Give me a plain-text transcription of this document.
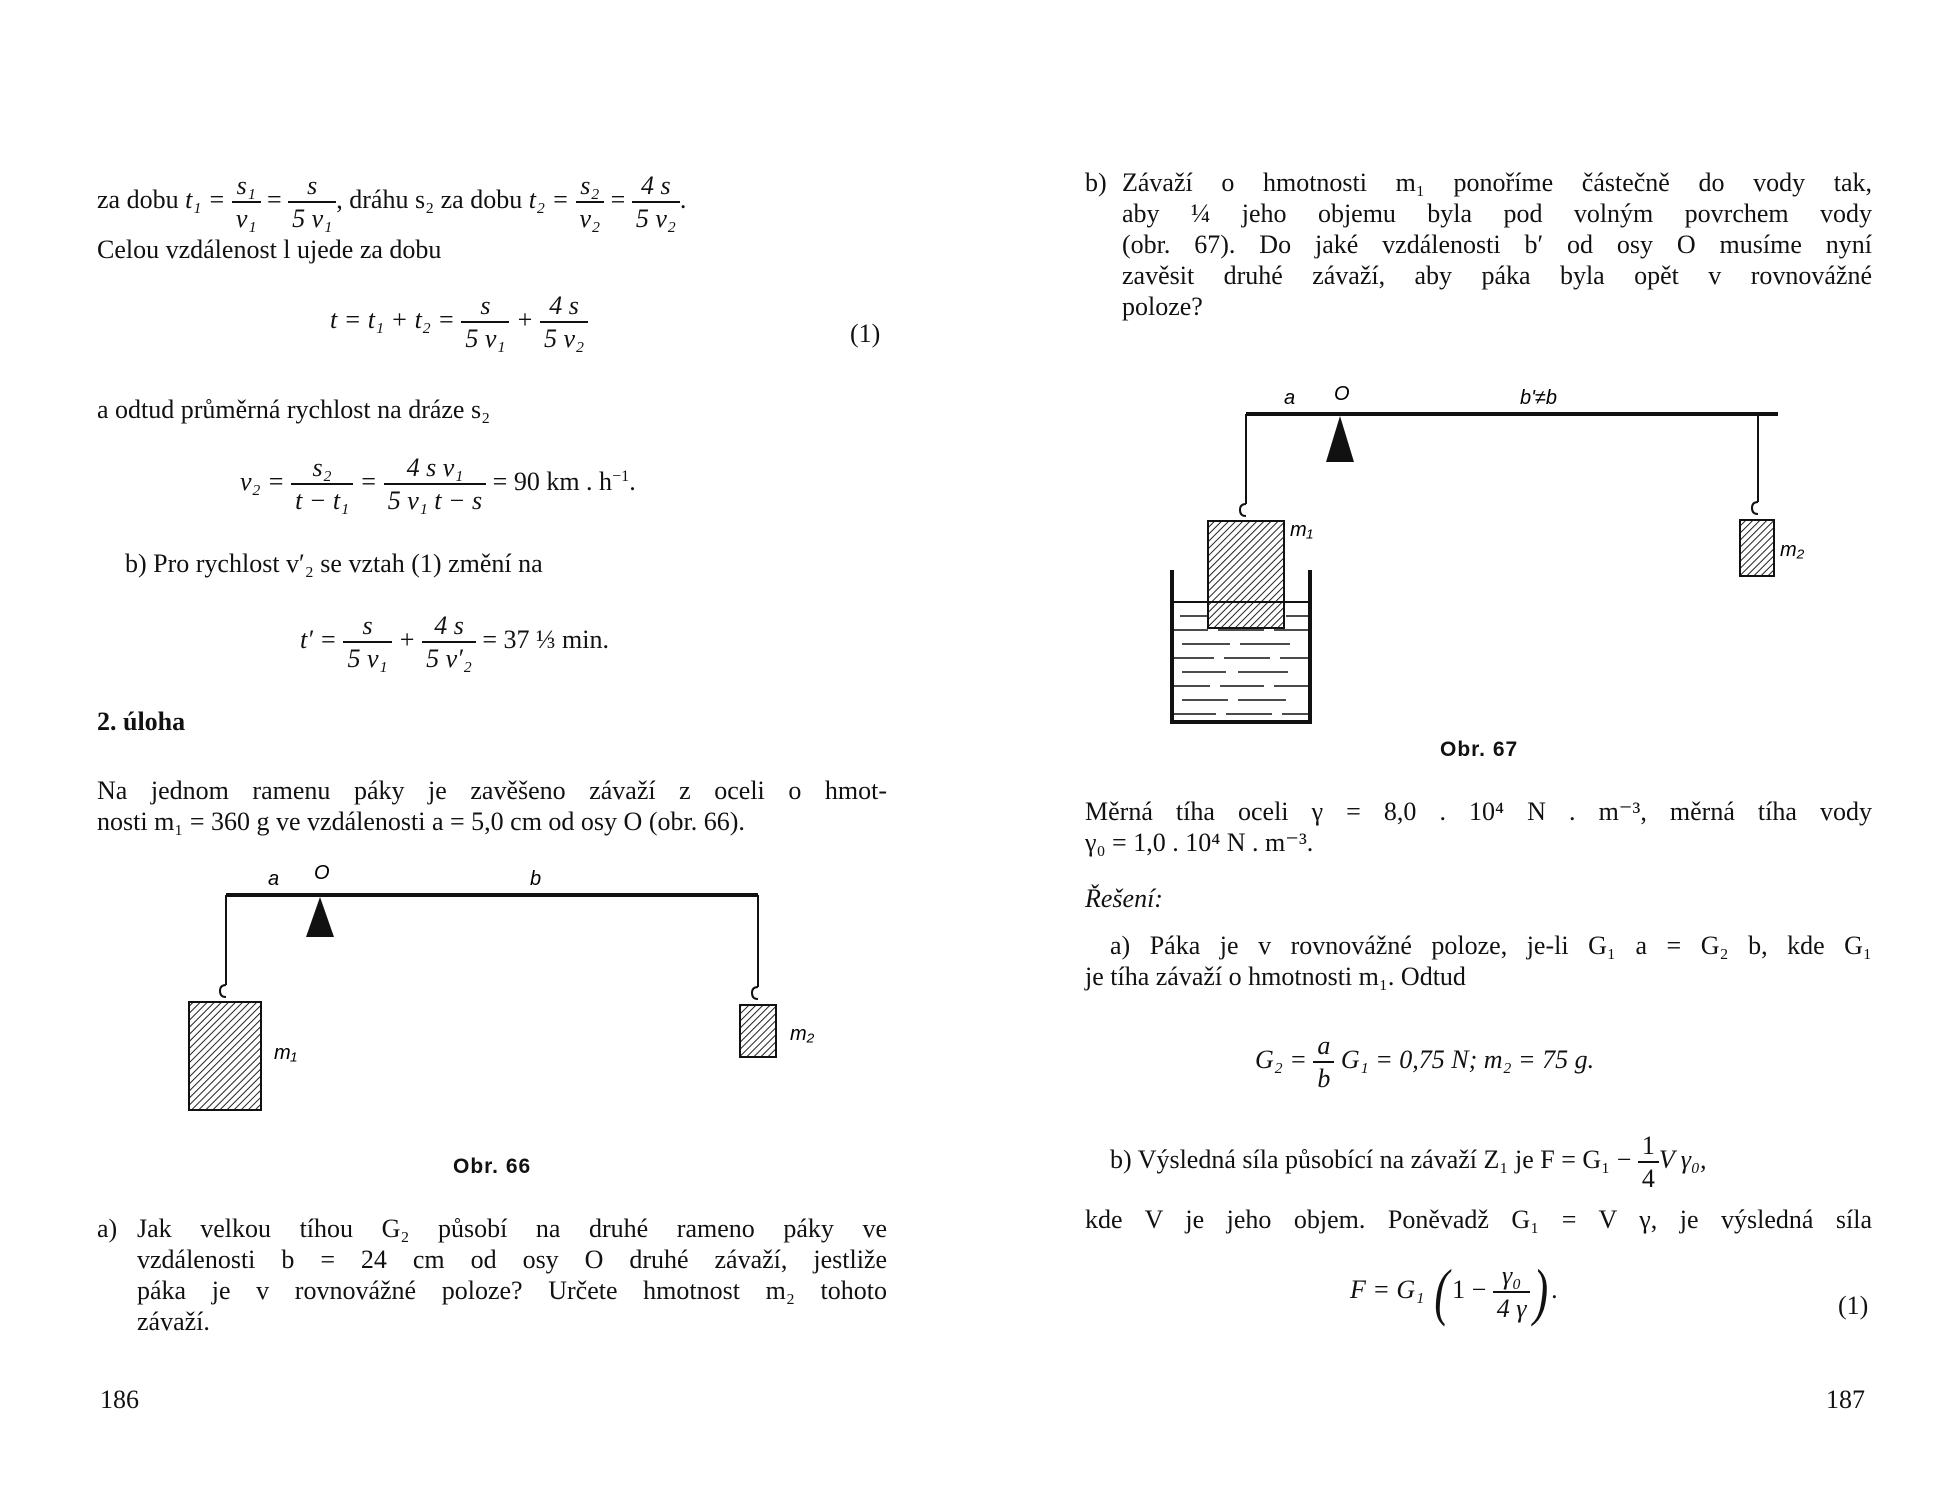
za dobu $t_1 = \frac{\text{s₁}}{\text{v₁}} = \frac{s}{\text{5 v₁}}$ , dráhu s₂ za dobu $t_2 = \frac{\text{s₂}}{\text{v₂}} = \frac{4 s}{\text{5 v₂}}$ .
Celou vzdálenost l ujede za dobu
$t = t_1 + t_2 = \frac{s}{\text{5 v₁}} + \frac{4 s}{\text{5 v₂}}$	(1)
a odtud průměrná rychlost na dráze s₂
$v_2 = \frac{\text{s₂}}{\text{t − t₁}} = \frac{\text{4 s v₁}}{\text{5 v₁ t − s}} = 90$ km . $h^{-1}$.
b) Pro rychlost v′₂ se vztah (1) změní na
$t' = \frac{s}{\text{5 v₁}} + \frac{4 s}{\text{5 v′₂}} = 37$ ⅓ min.
2. úloha
Na jednom ramenu páky je zavěšeno závaží z oceli o hmot-
nosti m₁ = 360 g ve vzdálenosti a = 5,0 cm od osy O (obr. 66).
a O	b
m₁
m₂
Obr. 66
a) Jak velkou tíhou G₂ působí na druhé rameno páky ve
vzdálenosti b = 24 cm od osy O druhé závaží, jestliže
páka je v rovnovážné poloze? Určete hmotnost m₂ tohoto
závaží.
186
b) Závaží o hmotnosti m₁ ponoříme částečně do vody tak,
aby ¼ jeho objemu byla pod volným povrchem vody
(obr. 67). Do jaké vzdálenosti b′ od osy O musíme nyní
zavěsit druhé závaží, aby páka byla opět v rovnovážné
poloze?
a O	b'≠b
m₁
m₂
Obr. 67
Měrná tíha oceli γ = 8,0 . 10⁴ N . m⁻³, měrná tíha vody
γ₀ = 1,0 . 10⁴ N . m⁻³.
Řešení:
a) Páka je v rovnovážné poloze, je-li G₁ a = G₂ b, kde G₁
je tíha závaží o hmotnosti m₁. Odtud
$G_2 = \frac{a}{b} G_1 = 0,75$ N; m₂ = 75 g.
b) Výsledná síla působící na závaží Z₁ je $F = G_1 - \frac{1}{4}$ V γ₀,
kde V je jeho objem. Poněvadž G₁ = V γ, je výsledná síla
F = G₁ ( $1 - \frac{\text{γ₀}}{4 \gamma}$ ) .
(1)
187
